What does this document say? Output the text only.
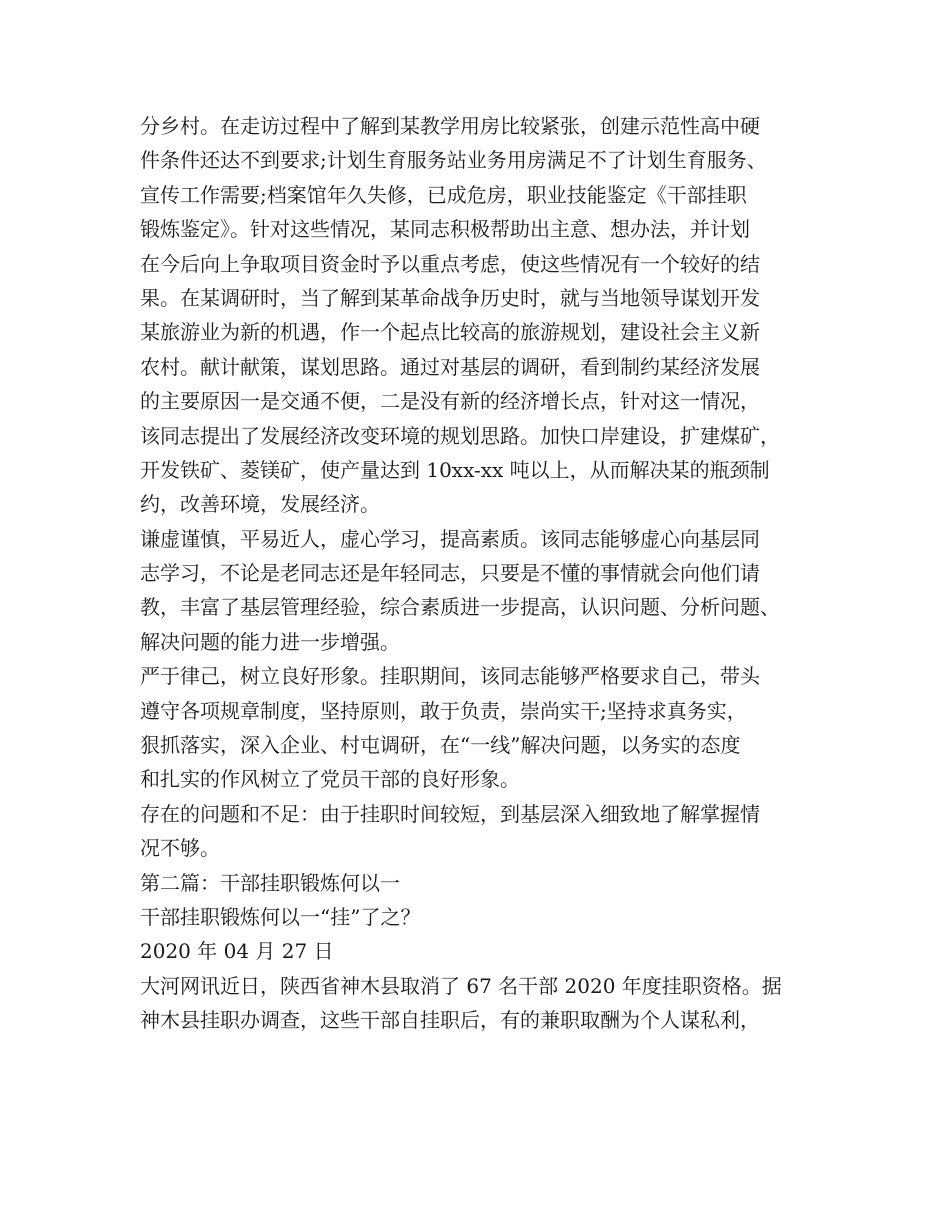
分乡村。在走访过程中了解到某教学用房比较紧张，创建示范性高中硬
件条件还达不到要求;计划生育服务站业务用房满足不了计划生育服务、
宣传工作需要;档案馆年久失修，已成危房，职业技能鉴定《干部挂职
锻炼鉴定》。针对这些情况，某同志积极帮助出主意、想办法，并计划
在今后向上争取项目资金时予以重点考虑，使这些情况有一个较好的结
果。在某调研时，当了解到某革命战争历史时，就与当地领导谋划开发
某旅游业为新的机遇，作一个起点比较高的旅游规划，建设社会主义新
农村。献计献策，谋划思路。通过对基层的调研，看到制约某经济发展
的主要原因一是交通不便，二是没有新的经济增长点，针对这一情况，
该同志提出了发展经济改变环境的规划思路。加快口岸建设，扩建煤矿，
开发铁矿、菱镁矿，使产量达到 10xx-xx 吨以上，从而解决某的瓶颈制
约，改善环境，发展经济。
谦虚谨慎，平易近人，虚心学习，提高素质。该同志能够虚心向基层同
志学习，不论是老同志还是年轻同志，只要是不懂的事情就会向他们请
教，丰富了基层管理经验，综合素质进一步提高，认识问题、分析问题、
解决问题的能力进一步增强。
严于律己，树立良好形象。挂职期间，该同志能够严格要求自己，带头
遵守各项规章制度，坚持原则，敢于负责，崇尚实干;坚持求真务实，
狠抓落实，深入企业、村屯调研，在“一线”解决问题，以务实的态度
和扎实的作风树立了党员干部的良好形象。
存在的问题和不足：由于挂职时间较短，到基层深入细致地了解掌握情
况不够。
第二篇：干部挂职锻炼何以一
干部挂职锻炼何以一“挂”了之？
2020 年 04 月 27 日
大河网讯近日，陕西省神木县取消了 67 名干部 2020 年度挂职资格。据
神木县挂职办调查，这些干部自挂职后，有的兼职取酬为个人谋私利，
